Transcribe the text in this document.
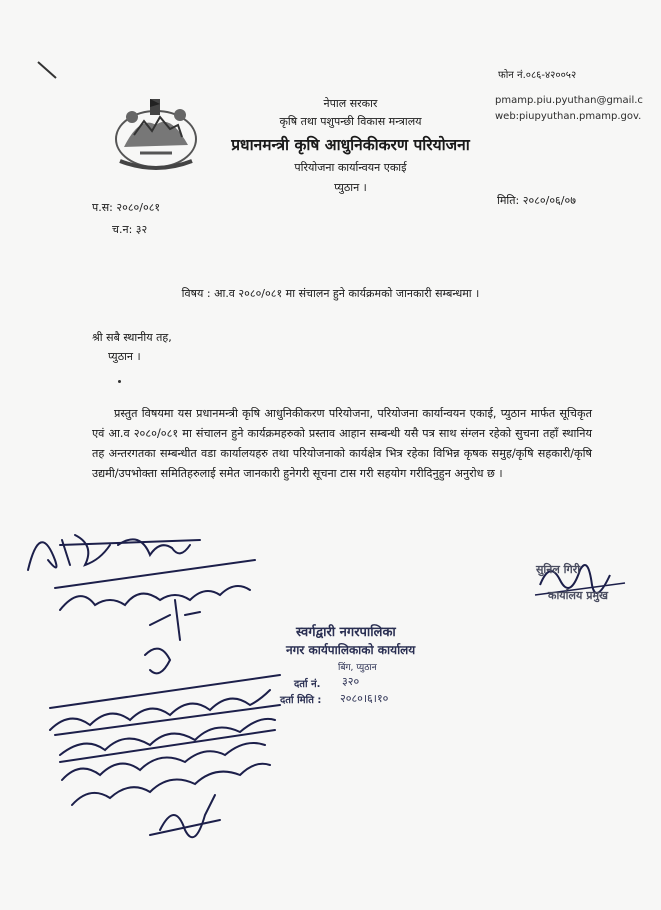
फोन नं.०८६-४२००५२
pmamp.piu.pyuthan@gmail.c
web:piupyuthan.pmamp.gov.
नेपाल सरकार
कृषि तथा पशुपन्छी विकास मन्त्रालय
प्रधानमन्त्री कृषि आधुनिकीकरण परियोजना
परियोजना कार्यान्वयन एकाई
प्युठान ।
प.स: २०८०/०८१
च.न: ३२
मिति: २०८०/०६/०७
विषय : आ.व २०८०/०८१ मा संचालन हुने कार्यक्रमको जानकारी सम्बन्धमा ।
श्री सबै स्थानीय तह,
प्युठान ।
प्रस्तुत विषयमा यस प्रधानमन्त्री कृषि आधुनिकीकरण परियोजना, परियोजना कार्यान्वयन एकाई, प्युठान मार्फत सूचिकृत एवं आ.व २०८०/०८१ मा संचालन हुने कार्यक्रमहरुको प्रस्ताव आहान सम्बन्धी यसै पत्र साथ संग्लन रहेको सुचना तहाँ स्थानिय तह अन्तरगतका सम्बन्धीत वडा कार्यालयहरु तथा परियोजनाको कार्यक्षेत्र भित्र रहेका विभिन्न कृषक समुह/कृषि सहकारी/कृषि उद्यमी/उपभोक्ता समितिहरुलाई समेत जानकारी हुनेगरी सूचना टास गरी सहयोग गरीदिनुहुन अनुरोध छ ।
सुनिल गिरी
कार्यालय प्रमुख
स्वर्गद्वारी नगरपालिका
नगर कार्यपालिकाको कार्यालय
बिंग, प्युठान
दर्ता नं. ३२०
दर्ता मिति : २०८०।६।१०
